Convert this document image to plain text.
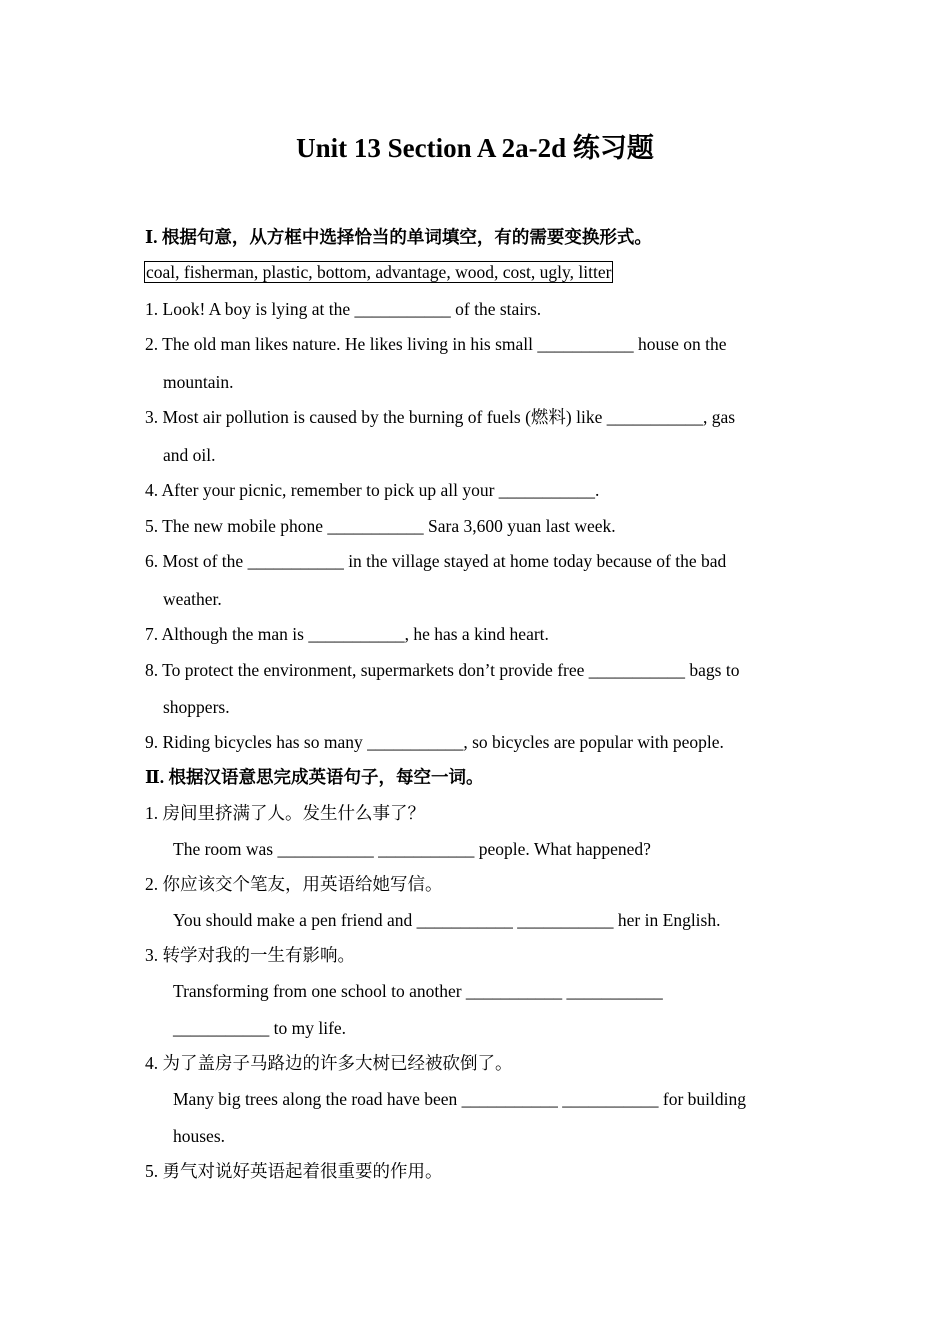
Unit 13 Section A 2a-2d 练习题
Ⅰ. 根据句意，从方框中选择恰当的单词填空，有的需要变换形式。
coal, fisherman, plastic, bottom, advantage, wood, cost, ugly, litter
1. Look! A boy is lying at the ___________ of the stairs.
2. The old man likes nature. He likes living in his small ___________ house on the
mountain.
3. Most air pollution is caused by the burning of fuels (燃料) like ___________, gas
and oil.
4. After your picnic, remember to pick up all your ___________.
5. The new mobile phone ___________ Sara 3,600 yuan last week.
6. Most of the ___________ in the village stayed at home today because of the bad
weather.
7. Although the man is ___________, he has a kind heart.
8. To protect the environment, supermarkets don’t provide free ___________ bags to
shoppers.
9. Riding bicycles has so many ___________, so bicycles are popular with people.
Ⅱ. 根据汉语意思完成英语句子，每空一词。
1. 房间里挤满了人。发生什么事了？
The room was ___________ ___________ people. What happened?
2. 你应该交个笔友，用英语给她写信。
You should make a pen friend and ___________ ___________ her in English.
3. 转学对我的一生有影响。
Transforming from one school to another ___________ ___________
___________ to my life.
4. 为了盖房子马路边的许多大树已经被砍倒了。
Many big trees along the road have been ___________ ___________ for building
houses.
5. 勇气对说好英语起着很重要的作用。
